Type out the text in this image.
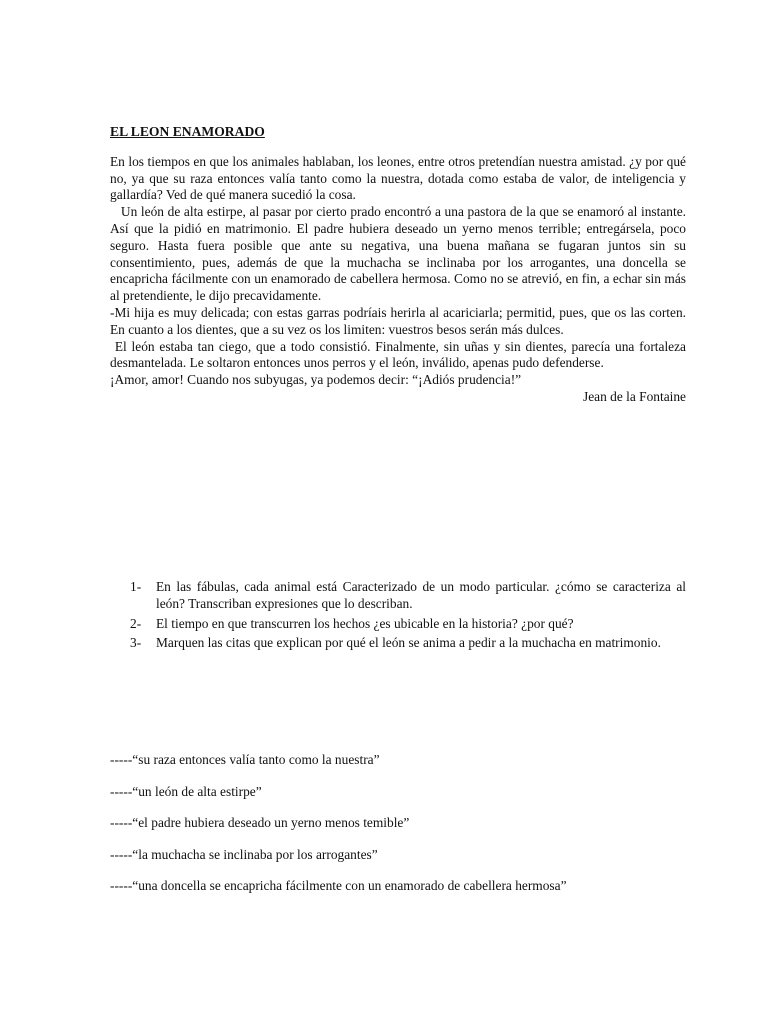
EL LEON ENAMORADO

En los tiempos en que los animales hablaban, los leones, entre otros pretendían nuestra amistad. ¿y por qué no, ya que su raza entonces valía tanto como la nuestra, dotada como estaba de valor, de inteligencia y gallardía? Ved de qué manera sucedió la cosa.

Un león de alta estirpe, al pasar por cierto prado encontró a una pastora de la que se enamoró al instante. Así que la pidió en matrimonio. El padre hubiera deseado un yerno menos terrible; entregársela, poco seguro. Hasta fuera posible que ante su negativa, una buena mañana se fugaran juntos sin su consentimiento, pues, además de que la muchacha se inclinaba por los arrogantes, una doncella se encapricha fácilmente con un enamorado de cabellera hermosa. Como no se atrevió, en fin, a echar sin más al pretendiente, le dijo precavidamente.

-Mi hija es muy delicada; con estas garras podríais herirla al acariciarla; permitid, pues, que os las corten. En cuanto a los dientes, que a su vez os los limiten: vuestros besos serán más dulces.

El león estaba tan ciego, que a todo consistió. Finalmente, sin uñas y sin dientes, parecía una fortaleza desmantelada. Le soltaron entonces unos perros y el león, inválido, apenas pudo defenderse.

¡Amor, amor! Cuando nos subyugas, ya podemos decir: “¡Adiós prudencia!”

Jean de la Fontaine

1-	En las fábulas, cada animal está Caracterizado de un modo particular. ¿cómo se caracteriza al león? Transcriban expresiones que lo describan.
2-	El tiempo en que transcurren los hechos ¿es ubicable en la historia? ¿por qué?
3-	Marquen las citas que explican por qué el león se anima a pedir a la muchacha en matrimonio.

-----“su raza entonces valía tanto como la nuestra”

-----“un león de alta estirpe”

-----“el padre hubiera deseado un yerno menos temible”

-----“la muchacha se inclinaba por los arrogantes”

-----“una doncella se encapricha fácilmente con un enamorado de cabellera hermosa”
